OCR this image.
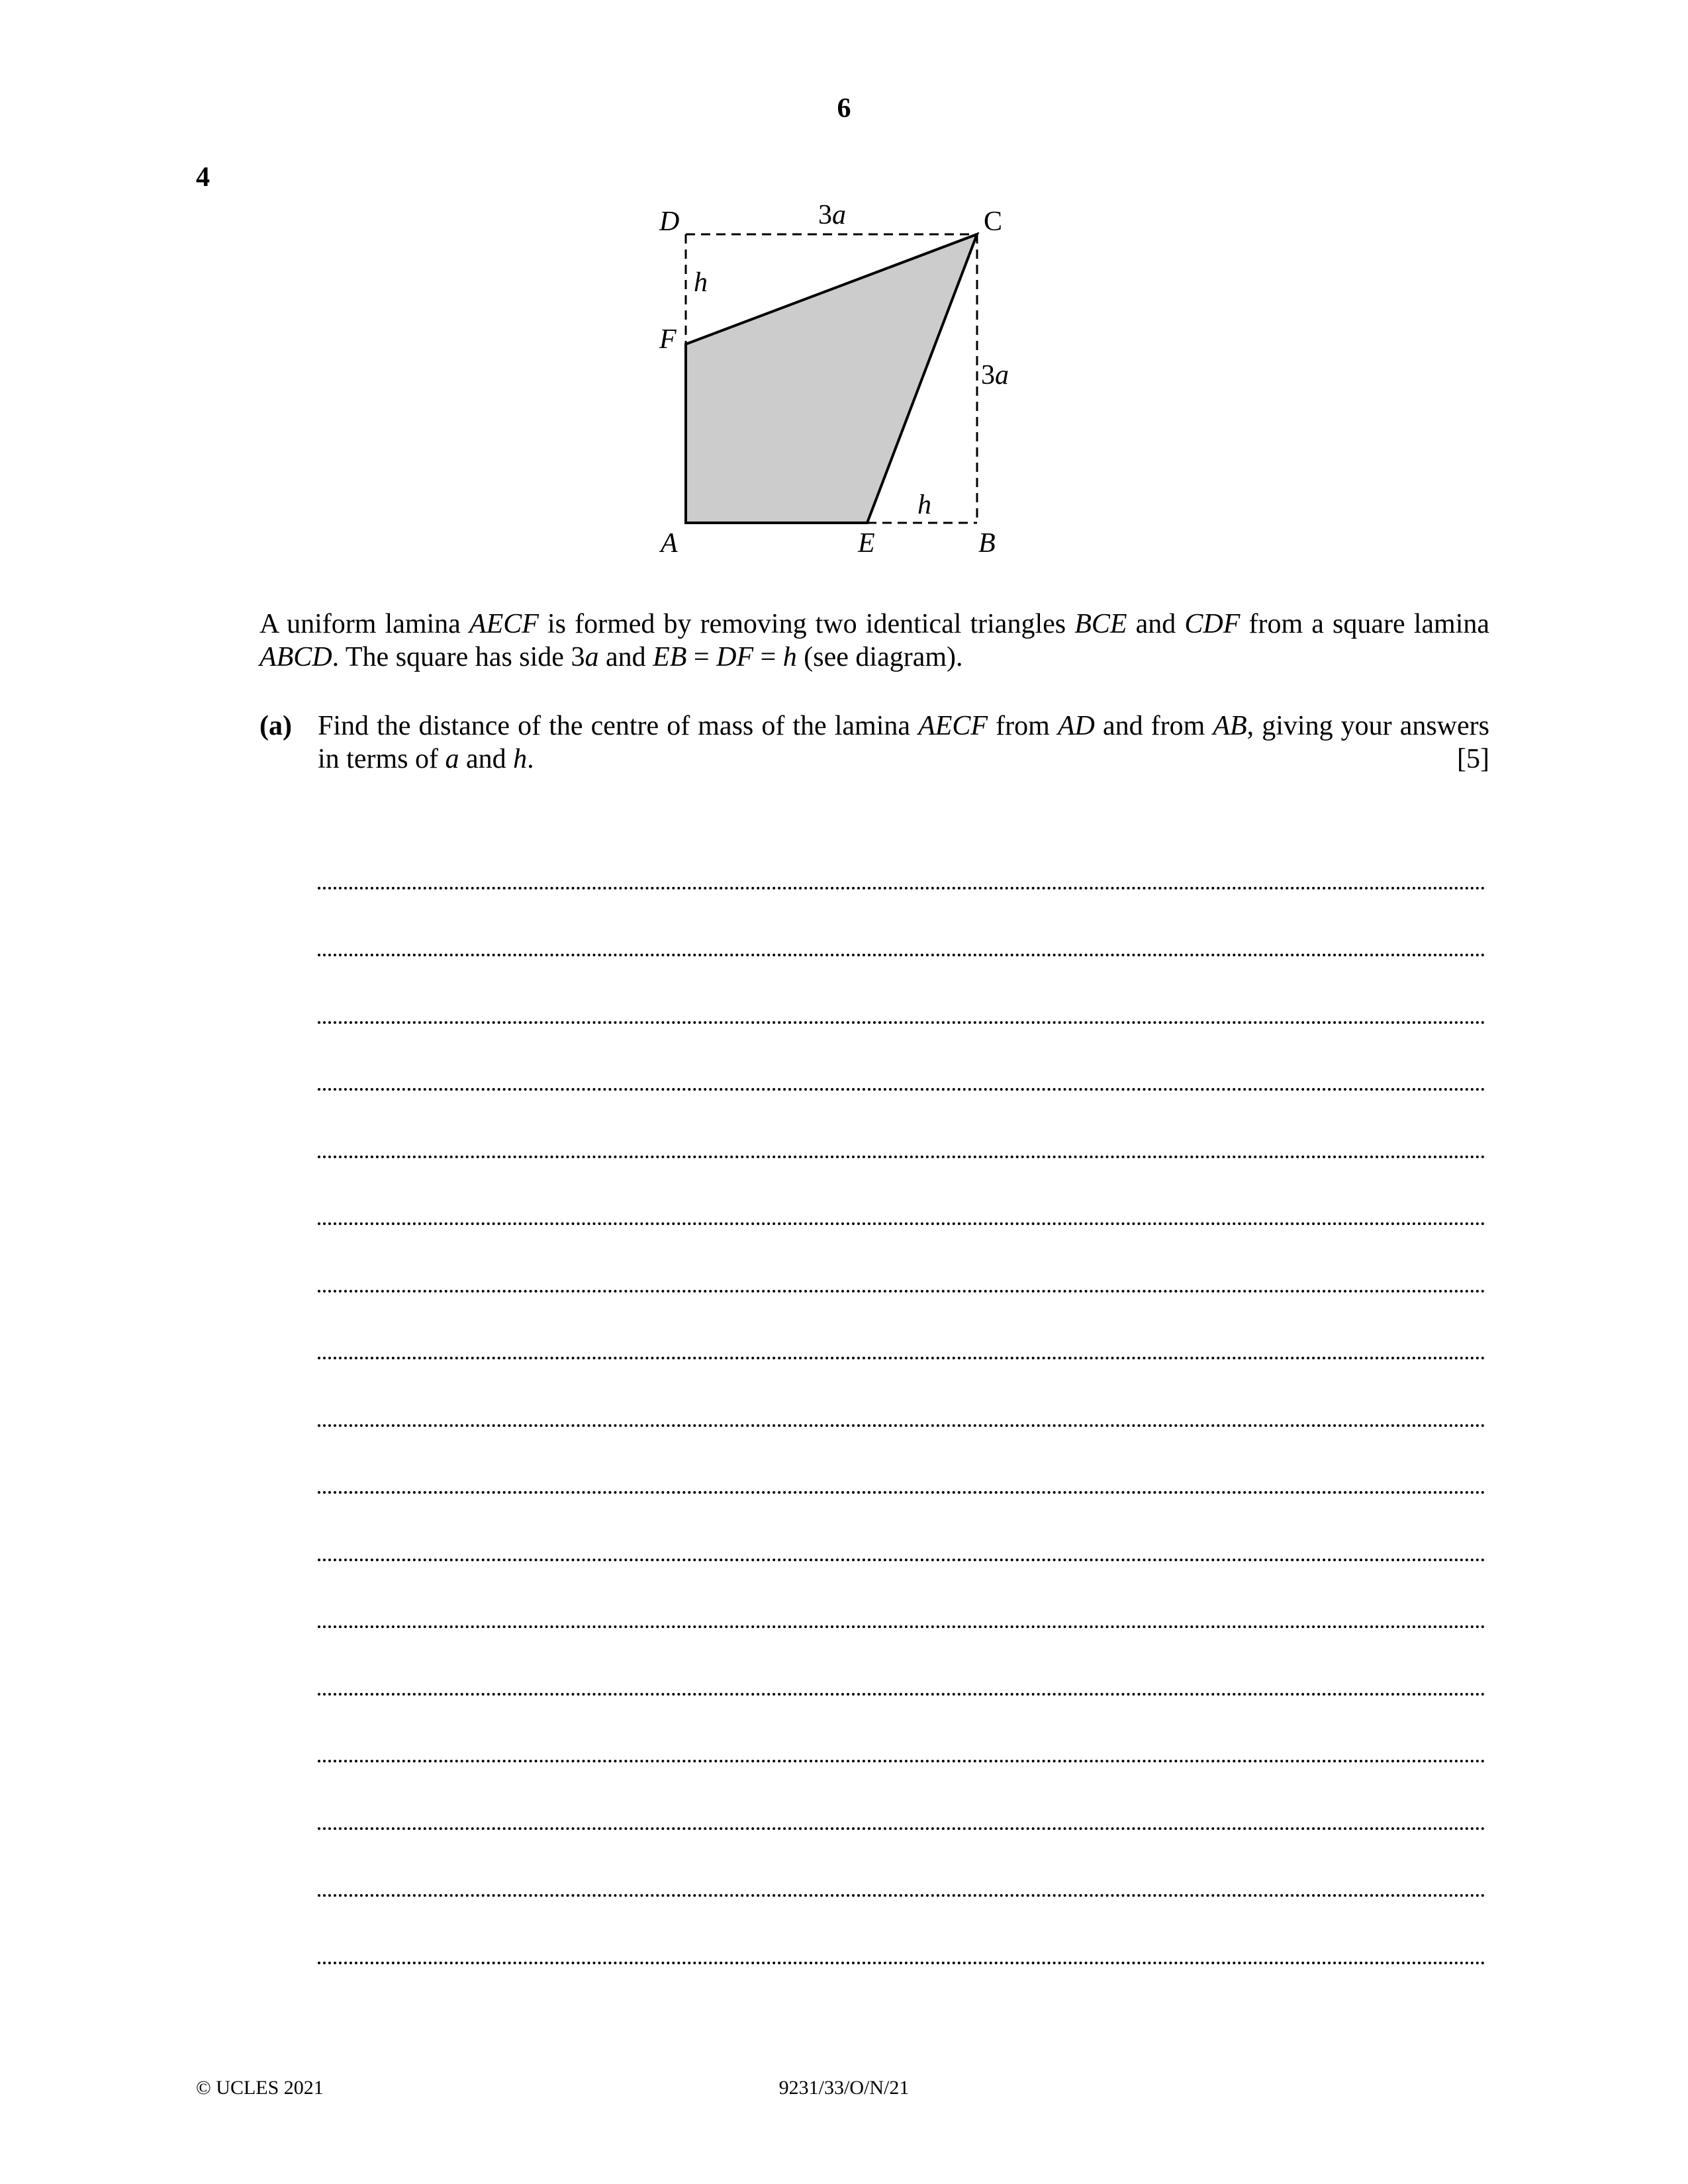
6
4
D	C
F
A	E	B
3a
3a
h
h
A uniform lamina AECF is formed by removing two identical triangles BCE and CDF from a square lamina ABCD. The square has side 3a and EB = DF = h (see diagram).
(a) Find the distance of the centre of mass of the lamina AECF from AD and from AB, giving your answers in terms of a and h.	[5]
© UCLES 2021	9231/33/O/N/21
